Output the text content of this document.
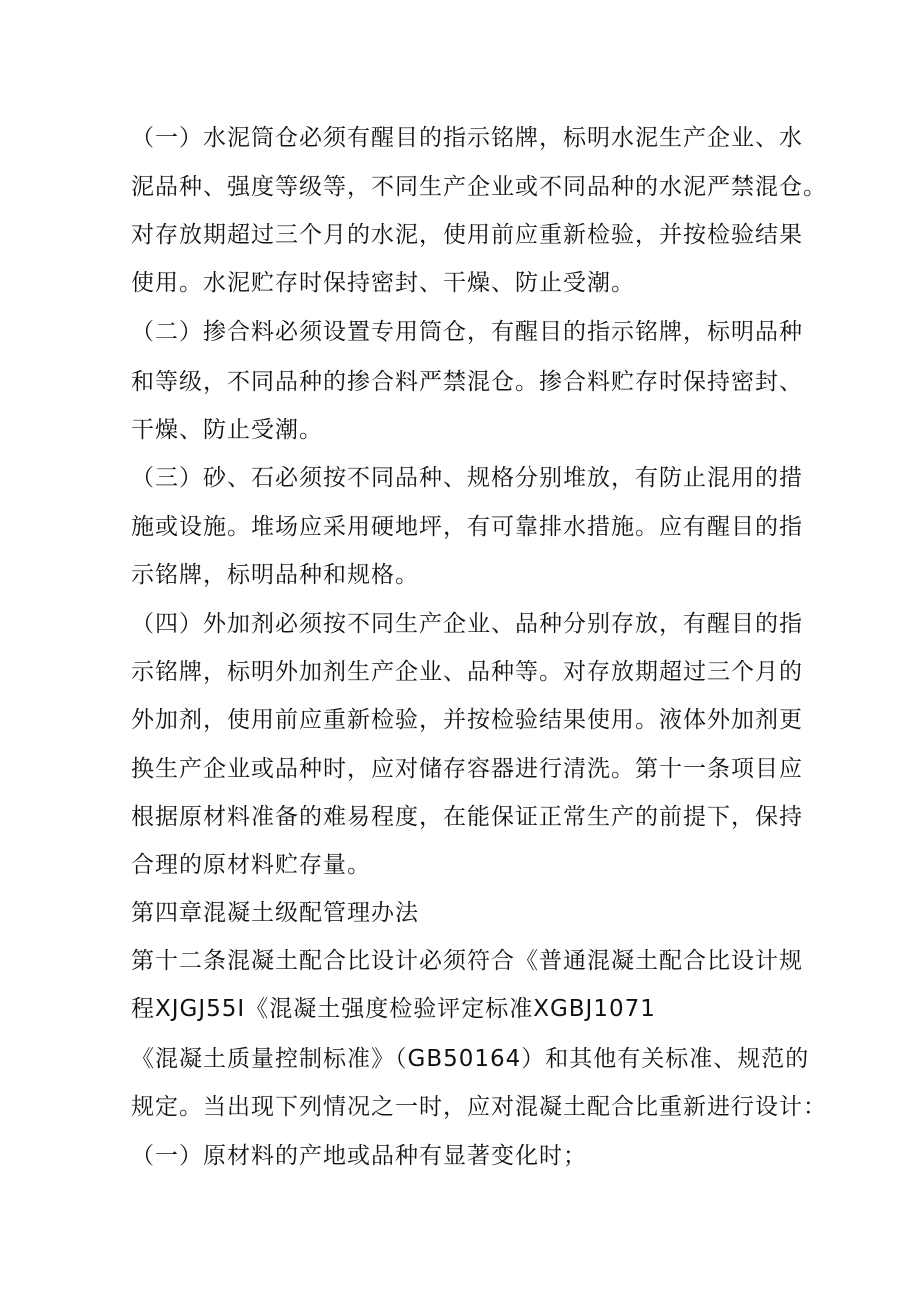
（一）水泥筒仓必须有醒目的指示铭牌，标明水泥生产企业、水
泥品种、强度等级等，不同生产企业或不同品种的水泥严禁混仓。
对存放期超过三个月的水泥，使用前应重新检验，并按检验结果
使用。水泥贮存时保持密封、干燥、防止受潮。
（二）掺合料必须设置专用筒仓，有醒目的指示铭牌，标明品种
和等级，不同品种的掺合料严禁混仓。掺合料贮存时保持密封、
干燥、防止受潮。
（三）砂、石必须按不同品种、规格分别堆放，有防止混用的措
施或设施。堆场应采用硬地坪，有可靠排水措施。应有醒目的指
示铭牌，标明品种和规格。
（四）外加剂必须按不同生产企业、品种分别存放，有醒目的指
示铭牌，标明外加剂生产企业、品种等。对存放期超过三个月的
外加剂，使用前应重新检验，并按检验结果使用。液体外加剂更
换生产企业或品种时，应对储存容器进行清洗。第十一条项目应
根据原材料准备的难易程度，在能保证正常生产的前提下，保持
合理的原材料贮存量。
第四章混凝土级配管理办法
第十二条混凝土配合比设计必须符合《普通混凝土配合比设计规
程XJGJ55I《混凝土强度检验评定标准XGBJ1071
《混凝土质量控制标准》（GB50164）和其他有关标准、规范的
规定。当出现下列情况之一时，应对混凝土配合比重新进行设计：
（一）原材料的产地或品种有显著变化时；
